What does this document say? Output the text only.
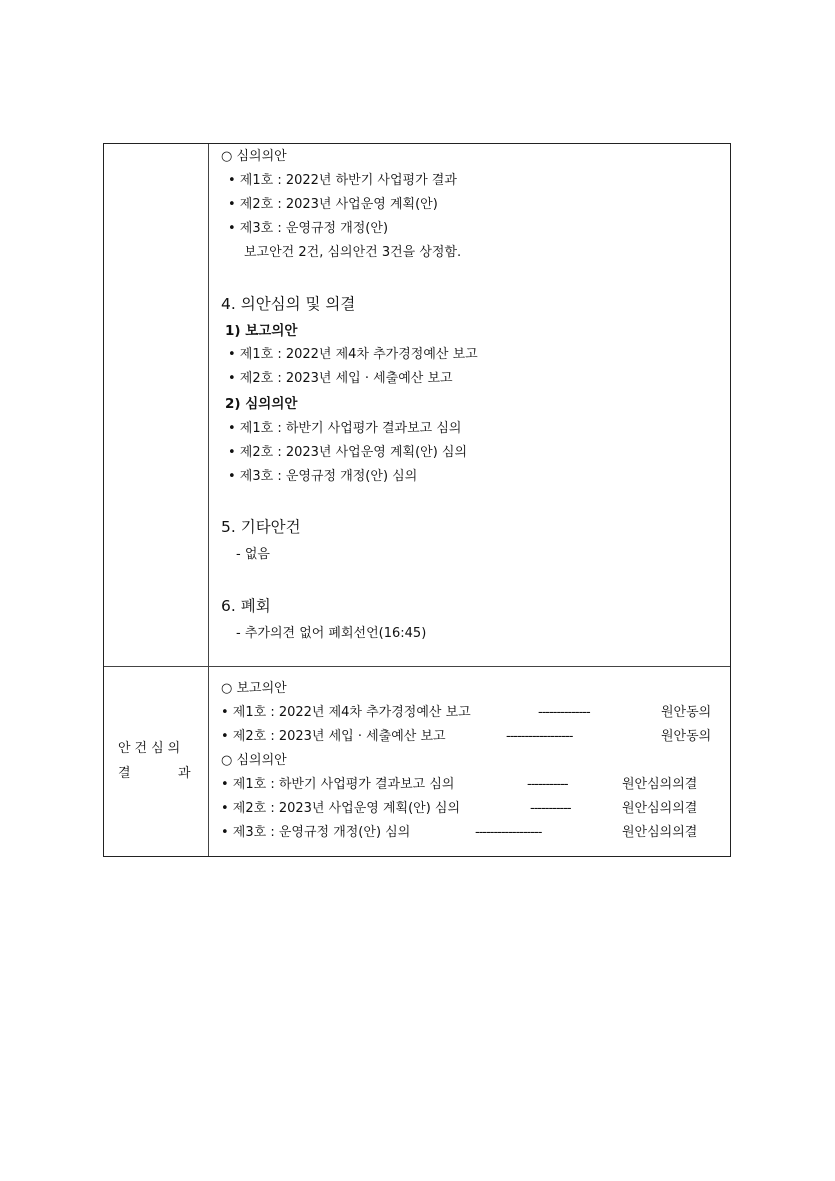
○ 심의의안
• 제1호 : 2022년 하반기 사업평가 결과
• 제2호 : 2023년 사업운영 계획(안)
• 제3호 : 운영규정 개정(안)
보고안건 2건, 심의안건 3건을 상정함.
4. 의안심의 및 의결
1) 보고의안
• 제1호 : 2022년 제4차 추가경정예산 보고
• 제2호 : 2023년 세입 · 세출예산 보고
2) 심의의안
• 제1호 : 하반기 사업평가 결과보고 심의
• 제2호 : 2023년 사업운영 계획(안) 심의
• 제3호 : 운영규정 개정(안) 심의
5. 기타안건
- 없음
6. 폐회
- 추가의견 없어 폐회선언(16:45)
안건심의
결	과
○ 보고의안
• 제1호 : 2022년 제4차 추가경정예산 보고	--------------	원안동의
• 제2호 : 2023년 세입 · 세출예산 보고	------------------	원안동의
○ 심의의안
• 제1호 : 하반기 사업평가 결과보고 심의	-----------	원안심의의결
• 제2호 : 2023년 사업운영 계획(안) 심의	-----------	원안심의의결
• 제3호 : 운영규정 개정(안) 심의	------------------	원안심의의결
